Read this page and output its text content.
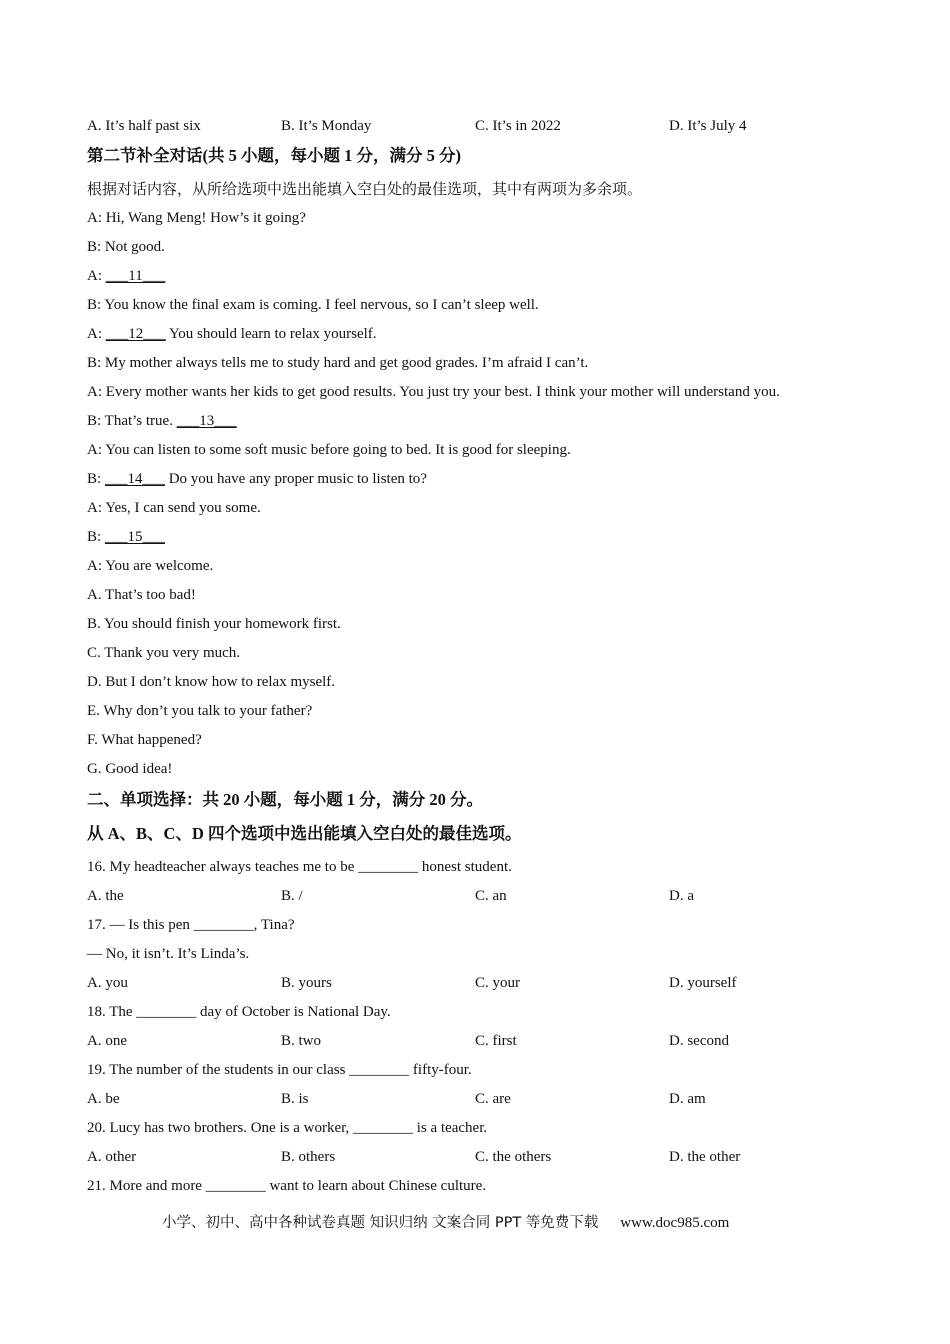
A. It’s half past six	B. It’s Monday	C. It’s in 2022	D. It’s July 4
第二节补全对话(共 5 小题，每小题 1 分，满分 5 分)
根据对话内容，从所给选项中选出能填入空白处的最佳选项，其中有两项为多余项。
A: Hi, Wang Meng! How’s it going?
B: Not good.
A: ___11___
B: You know the final exam is coming. I feel nervous, so I can’t sleep well.
A: ___12___ You should learn to relax yourself.
B: My mother always tells me to study hard and get good grades. I’m afraid I can’t.
A: Every mother wants her kids to get good results. You just try your best. I think your mother will understand you.
B: That’s true. ___13___
A: You can listen to some soft music before going to bed. It is good for sleeping.
B: ___14___ Do you have any proper music to listen to?
A: Yes, I can send you some.
B: ___15___
A: You are welcome.
A. That’s too bad!
B. You should finish your homework first.
C. Thank you very much.
D. But I don’t know how to relax myself.
E. Why don’t you talk to your father?
F. What happened?
G. Good idea!
二、单项选择：共 20 小题，每小题 1 分，满分 20 分。
从 A、B、C、D 四个选项中选出能填入空白处的最佳选项。
16. My headteacher always teaches me to be ________ honest student.
A. the	B. /	C. an	D. a
17. — Is this pen ________, Tina?
— No, it isn’t. It’s Linda’s.
A. you	B. yours	C. your	D. yourself
18. The ________ day of October is National Day.
A. one	B. two	C. first	D. second
19. The number of the students in our class ________ fifty-four.
A. be	B. is	C. are	D. am
20. Lucy has two brothers. One is a worker, ________ is a teacher.
A. other	B. others	C. the others	D. the other
21. More and more ________ want to learn about Chinese culture.
小学、初中、高中各种试卷真题 知识归纳 文案合同 PPT 等免费下载 www.doc985.com
